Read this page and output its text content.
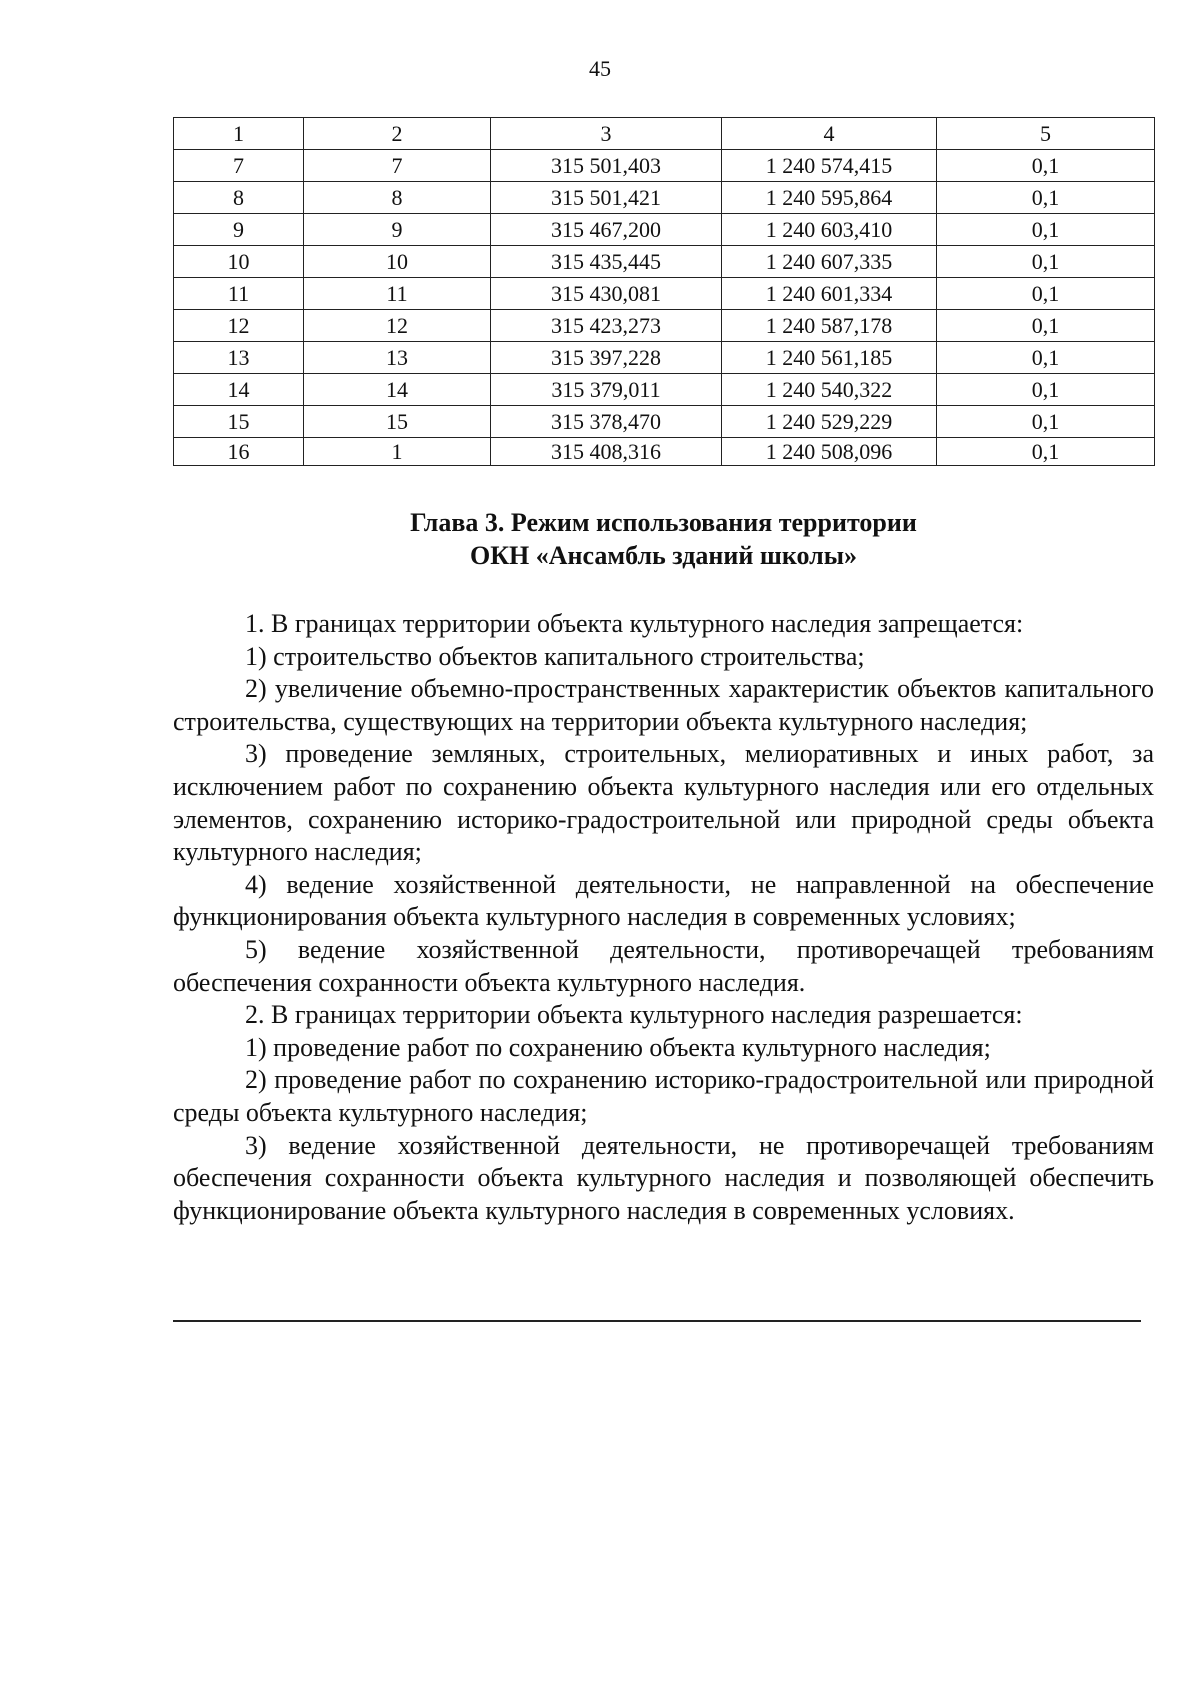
45
1	2	3	4	5
7	7	315 501,403	1 240 574,415	0,1
8	8	315 501,421	1 240 595,864	0,1
9	9	315 467,200	1 240 603,410	0,1
10	10	315 435,445	1 240 607,335	0,1
11	11	315 430,081	1 240 601,334	0,1
12	12	315 423,273	1 240 587,178	0,1
13	13	315 397,228	1 240 561,185	0,1
14	14	315 379,011	1 240 540,322	0,1
15	15	315 378,470	1 240 529,229	0,1
16	1	315 408,316	1 240 508,096	0,1
Глава 3. Режим использования территории
ОКН «Ансамбль зданий школы»

1. В границах территории объекта культурного наследия запрещается:

1) строительство объектов капитального строительства;

2) увеличение объемно-пространственных характеристик объектов капитального строительства, существующих на территории объекта культурного наследия;

3) проведение земляных, строительных, мелиоративных и иных работ, за исключением работ по сохранению объекта культурного наследия или его отдельных элементов, сохранению историко-градостроительной или природной среды объекта культурного наследия;

4) ведение хозяйственной деятельности, не направленной на обеспечение функционирования объекта культурного наследия в современных условиях;

5) ведение хозяйственной деятельности, противоречащей требованиям обеспечения сохранности объекта культурного наследия.

2. В границах территории объекта культурного наследия разрешается:

1) проведение работ по сохранению объекта культурного наследия;

2) проведение работ по сохранению историко-градостроительной или природной среды объекта культурного наследия;

3) ведение хозяйственной деятельности, не противоречащей требованиям обеспечения сохранности объекта культурного наследия и позволяющей обеспечить функционирование объекта культурного наследия в современных условиях.
